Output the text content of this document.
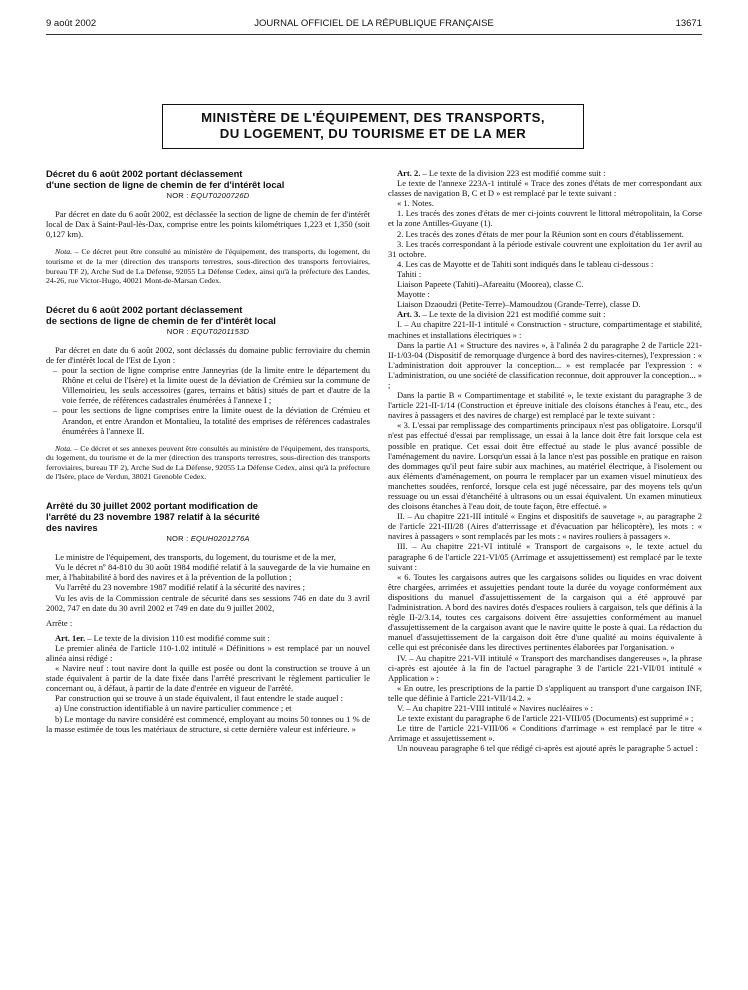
9 août 2002	JOURNAL OFFICIEL DE LA RÉPUBLIQUE FRANÇAISE	13671
MINISTÈRE DE L'ÉQUIPEMENT, DES TRANSPORTS,
DU LOGEMENT, DU TOURISME ET DE LA MER

Décret du 6 août 2002 portant déclassement

d'une section de ligne de chemin de fer d'intérêt local

NOR : EQUT0200726D

Par décret en date du 6 août 2002, est déclassée la section de ligne de chemin de fer d'intérêt local de Dax à Saint-Paul-lès-Dax, comprise entre les points kilométriques 1,223 et 1,350 (soit 0,127 km).

Nota. – Ce décret peut être consulté au ministère de l'équipement, des transports, du logement, du tourisme et de la mer (direction des transports terrestres, sous-direction des transports ferroviaires, bureau TF 2), Arche Sud de La Défense, 92055 La Défense Cedex, ainsi qu'à la préfecture des Landes, 24-26, rue Victor-Hugo, 40021 Mont-de-Marsan Cedex.

Décret du 6 août 2002 portant déclassement

de sections de ligne de chemin de fer d'intérêt local

NOR : EQUT0201153D

Par décret en date du 6 août 2002, sont déclassés du domaine public ferroviaire du chemin de fer d'intérêt local de l'Est de Lyon :

– pour la section de ligne comprise entre Janneyrias (de la limite entre le département du Rhône et celui de l'Isère) et la limite ouest de la déviation de Crémieu sur la commune de Villemoirieu, les seuls accessoires (gares, terrains et bâtis) situés de part et d'autre de la voie ferrée, de références cadastrales énumérées à l'annexe I ;
– pour les sections de ligne comprises entre la limite ouest de la déviation de Crémieu et Arandon, et entre Arandon et Montalieu, la totalité des emprises de références cadastrales énumérées à l'annexe II.

Nota. – Ce décret et ses annexes peuvent être consultés au ministère de l'équipement, des transports, du logement, du tourisme et de la mer (direction des transports terrestres, sous-direction des transports ferroviaires, bureau TF 2), Arche Sud de La Défense, 92055 La Défense Cedex, ainsi qu'à la préfecture de l'Isère, place de Verdun, 38021 Grenoble Cedex.

Arrêté du 30 juillet 2002 portant modification de

l'arrêté du 23 novembre 1987 relatif à la sécurité

des navires

NOR : EQUH0201276A

Le ministre de l'équipement, des transports, du logement, du tourisme et de la mer,

Vu le décret nº 84-810 du 30 août 1984 modifié relatif à la sauvegarde de la vie humaine en mer, à l'habitabilité à bord des navires et à la prévention de la pollution ;

Vu l'arrêté du 23 novembre 1987 modifié relatif à la sécurité des navires ;

Vu les avis de la Commission centrale de sécurité dans ses sessions 746 en date du 3 avril 2002, 747 en date du 30 avril 2002 et 749 en date du 9 juillet 2002,

Arrête :

Art. 1er. – Le texte de la division 110 est modifié comme suit :

Le premier alinéa de l'article 110-1.02 intitulé « Définitions » est remplacé par un nouvel alinéa ainsi rédigé :

« Navire neuf : tout navire dont la quille est posée ou dont la construction se trouve à un stade équivalent à partir de la date fixée dans l'arrêté prescrivant le règlement particulier le concernant ou, à défaut, à partir de la date d'entrée en vigueur de l'arrêté.

Par construction qui se trouve à un stade équivalent, il faut entendre le stade auquel :

a) Une construction identifiable à un navire particulier commence ; et

b) Le montage du navire considéré est commencé, employant au moins 50 tonnes ou 1 % de la masse estimée de tous les matériaux de structure, si cette dernière valeur est inférieure. »

Art. 2. – Le texte de la division 223 est modifié comme suit :

Le texte de l'annexe 223A-1 intitulé « Trace des zones d'états de mer correspondant aux classes de navigation B, C et D » est remplacé par le texte suivant :

« 1. Notes.

1. Les tracés des zones d'états de mer ci-joints couvrent le littoral métropolitain, la Corse et la zone Antilles-Guyane (1).

2. Les tracés des zones d'états de mer pour la Réunion sont en cours d'établissement.

3. Les tracés correspondant à la période estivale couvrent une exploitation du 1er avril au 31 octobre.

4. Les cas de Mayotte et de Tahiti sont indiqués dans le tableau ci-dessous :

Tahiti :

Liaison Papeete (Tahiti)–Afareaitu (Moorea), classe C.

Mayotte :

Liaison Dzaoudzi (Petite-Terre)–Mamoudzou (Grande-Terre), classe D.

Art. 3. – Le texte de la division 221 est modifié comme suit :

I. – Au chapitre 221-II-1 intitulé « Construction - structure, compartimentage et stabilité, machines et installations électriques » :

Dans la partie A1 « Structure des navires », à l'alinéa 2 du paragraphe 2 de l'article 221-II-1/03-04 (Dispositif de remorquage d'urgence à bord des navires-citernes), l'expression : « L'administration doit approuver la conception... » est remplacée par l'expression : « L'administration, ou une société de classification reconnue, doit approuver la conception... » ;

Dans la partie B « Compartimentage et stabilité », le texte existant du paragraphe 3 de l'article 221-II-1/14 (Construction et épreuve initiale des cloisons étanches à l'eau, etc., des navires à passagers et des navires de charge) est remplacé par le texte suivant :

« 3. L'essai par remplissage des compartiments principaux n'est pas obligatoire. Lorsqu'il n'est pas effectué d'essai par remplissage, un essai à la lance doit être fait lorsque cela est possible en pratique. Cet essai doit être effectué au stade le plus avancé possible de l'aménagement du navire. Lorsqu'un essai à la lance n'est pas possible en pratique en raison des dommages qu'il peut faire subir aux machines, au matériel électrique, à l'isolement ou aux éléments d'aménagement, on pourra le remplacer par un examen visuel minutieux des manchettes soudées, renforcé, lorsque cela est jugé nécessaire, par des moyens tels qu'un ressuage ou un essai d'étanchéité à ultrasons ou un essai équivalent. Un examen minutieux des cloisons étanches à l'eau doit, de toute façon, être effectué. »

II. – Au chapitre 221-III intitulé « Engins et dispositifs de sauvetage », au paragraphe 2 de l'article 221-III/28 (Aires d'atterrissage et d'évacuation par hélicoptère), les mots : « navires à passagers » sont remplacés par les mots : « navires rouliers à passagers ».

III. – Au chapitre 221-VI intitulé « Transport de cargaisons », le texte actuel du paragraphe 6 de l'article 221-VI/05 (Arrimage et assujettissement) est remplacé par le texte suivant :

« 6. Toutes les cargaisons autres que les cargaisons solides ou liquides en vrac doivent être chargées, arrimées et assujetties pendant toute la durée du voyage conformément aux dispositions du manuel d'assujettissement de la cargaison qui a été approuvé par l'administration. A bord des navires dotés d'espaces rouliers à cargaison, tels que définis à la règle II-2/3.14, toutes ces cargaisons doivent être assujetties conformément au manuel d'assujettissement de la cargaison avant que le navire quitte le poste à quai. La rédaction du manuel d'assujettissement de la cargaison doit être d'une qualité au moins équivalente à celle qui est préconisée dans les directives pertinentes élaborées par l'organisation. »

IV. – Au chapitre 221-VII intitulé « Transport des marchandises dangereuses », la phrase ci-après est ajoutée à la fin de l'actuel paragraphe 3 de l'article 221-VII/01 intitulé « Application » :

« En outre, les prescriptions de la partie D s'appliquent au transport d'une cargaison INF, telle que définie à l'article 221-VII/14.2. »

V. – Au chapitre 221-VIII intitulé « Navires nucléaires » :

Le texte existant du paragraphe 6 de l'article 221-VIII/05 (Documents) est supprimé » ;

Le titre de l'article 221-VIII/06 « Conditions d'arrimage » est remplacé par le titre « Arrimage et assujettissement ».

Un nouveau paragraphe 6 tel que rédigé ci-après est ajouté après le paragraphe 5 actuel :
